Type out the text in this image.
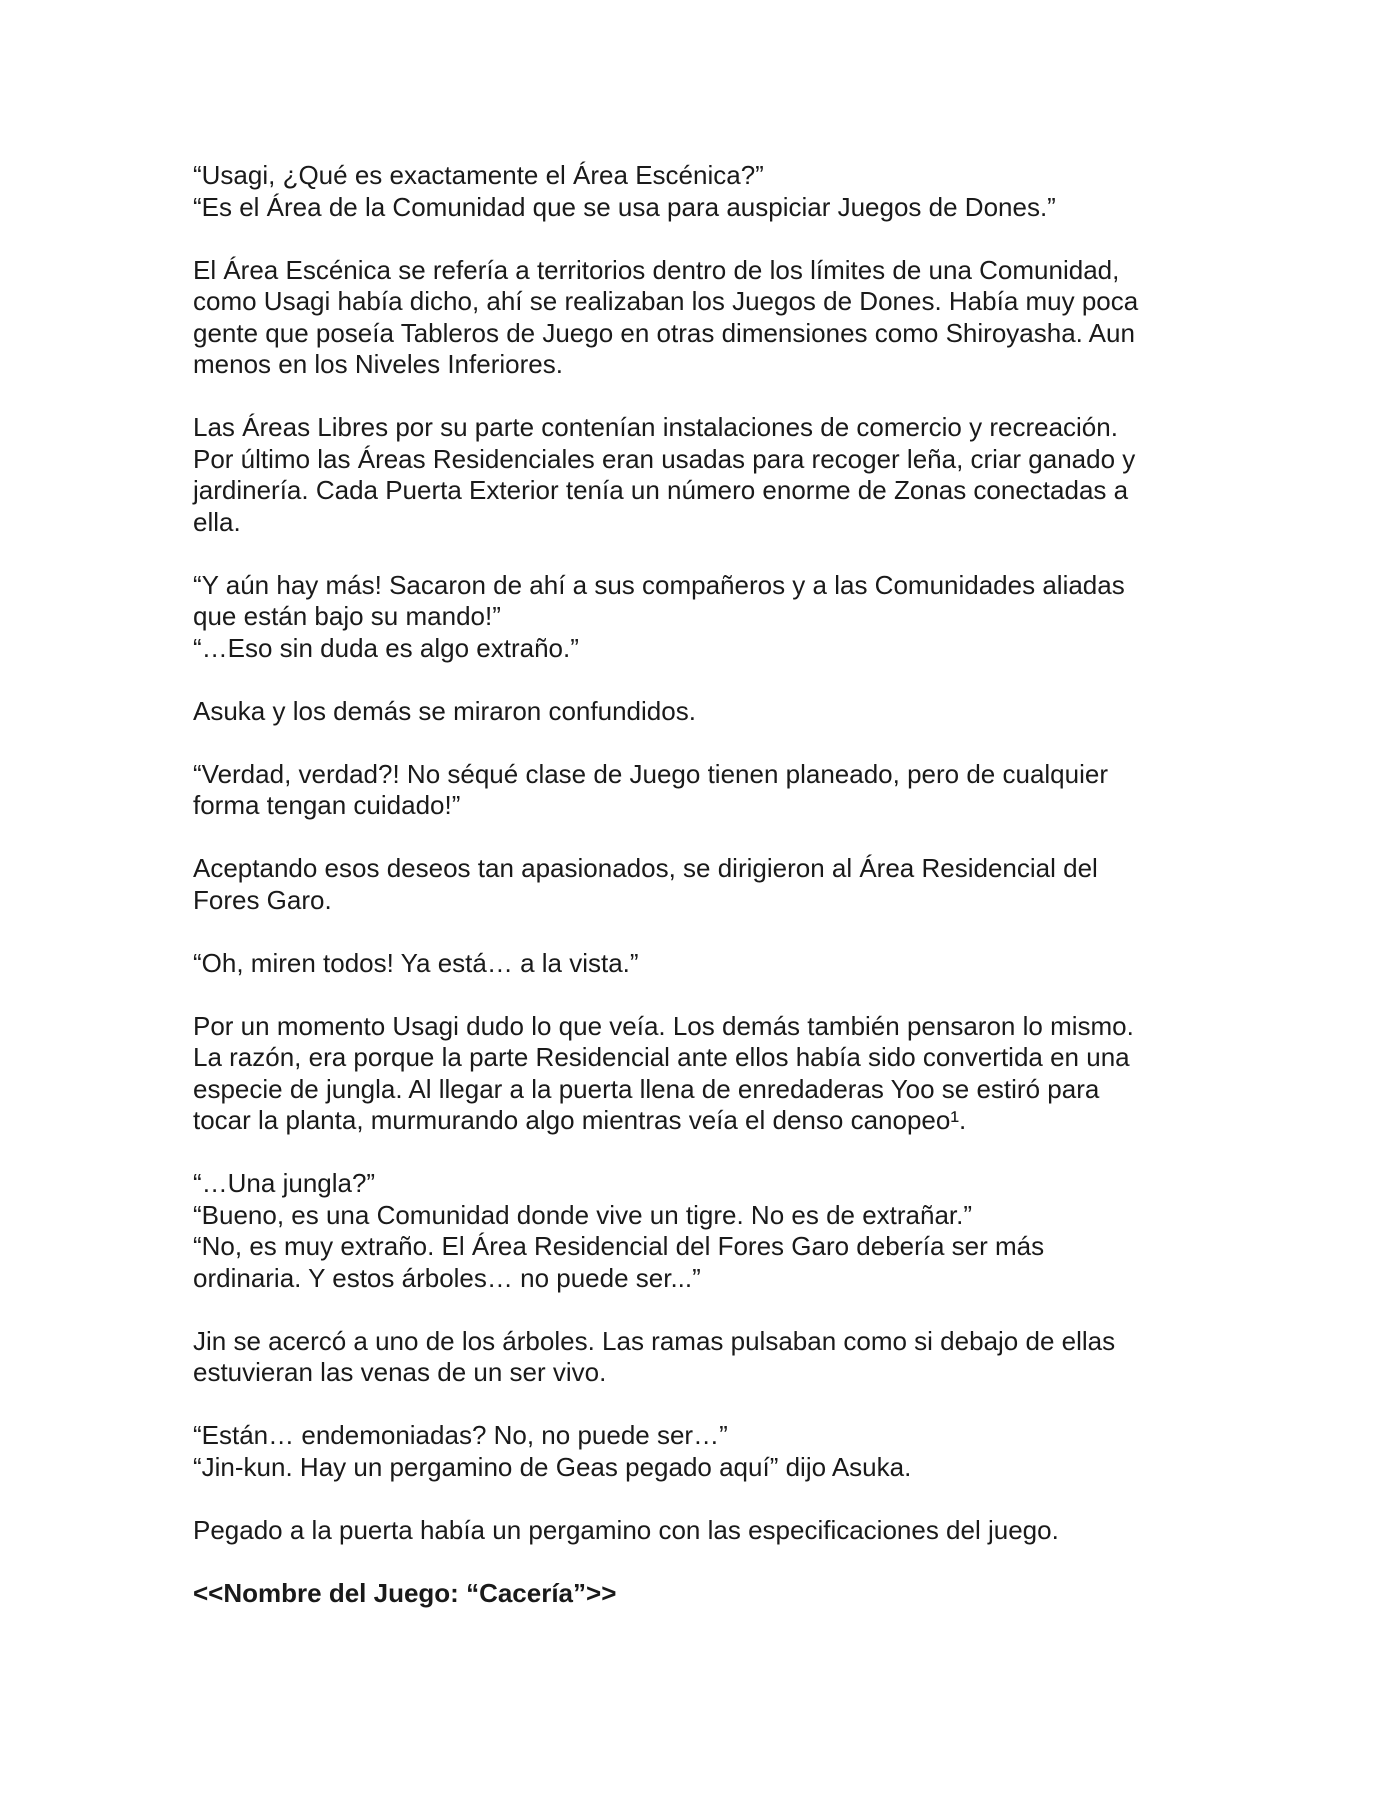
“Usagi, ¿Qué es exactamente el Área Escénica?”
“Es el Área de la Comunidad que se usa para auspiciar Juegos de Dones.”
El Área Escénica se refería a territorios dentro de los límites de una Comunidad,
como Usagi había dicho, ahí se realizaban los Juegos de Dones. Había muy poca
gente que poseía Tableros de Juego en otras dimensiones como Shiroyasha. Aun
menos en los Niveles Inferiores.
Las Áreas Libres por su parte contenían instalaciones de comercio y recreación.
Por último las Áreas Residenciales eran usadas para recoger leña, criar ganado y
jardinería. Cada Puerta Exterior tenía un número enorme de Zonas conectadas a
ella.
“Y aún hay más! Sacaron de ahí a sus compañeros y a las Comunidades aliadas
que están bajo su mando!”
“…Eso sin duda es algo extraño.”
Asuka y los demás se miraron confundidos.
“Verdad, verdad?! No séqué clase de Juego tienen planeado, pero de cualquier
forma tengan cuidado!”
Aceptando esos deseos tan apasionados, se dirigieron al Área Residencial del
Fores Garo.
“Oh, miren todos! Ya está… a la vista.”
Por un momento Usagi dudo lo que veía. Los demás también pensaron lo mismo.
La razón, era porque la parte Residencial ante ellos había sido convertida en una
especie de jungla. Al llegar a la puerta llena de enredaderas Yoo se estiró para
tocar la planta, murmurando algo mientras veía el denso canopeo¹.
“…Una jungla?”
“Bueno, es una Comunidad donde vive un tigre. No es de extrañar.”
“No, es muy extraño. El Área Residencial del Fores Garo debería ser más
ordinaria. Y estos árboles… no puede ser...”
Jin se acercó a uno de los árboles. Las ramas pulsaban como si debajo de ellas
estuvieran las venas de un ser vivo.
“Están… endemoniadas? No, no puede ser…”
“Jin-kun. Hay un pergamino de Geas pegado aquí” dijo Asuka.
Pegado a la puerta había un pergamino con las especificaciones del juego.
<<Nombre del Juego: “Cacería”>>
